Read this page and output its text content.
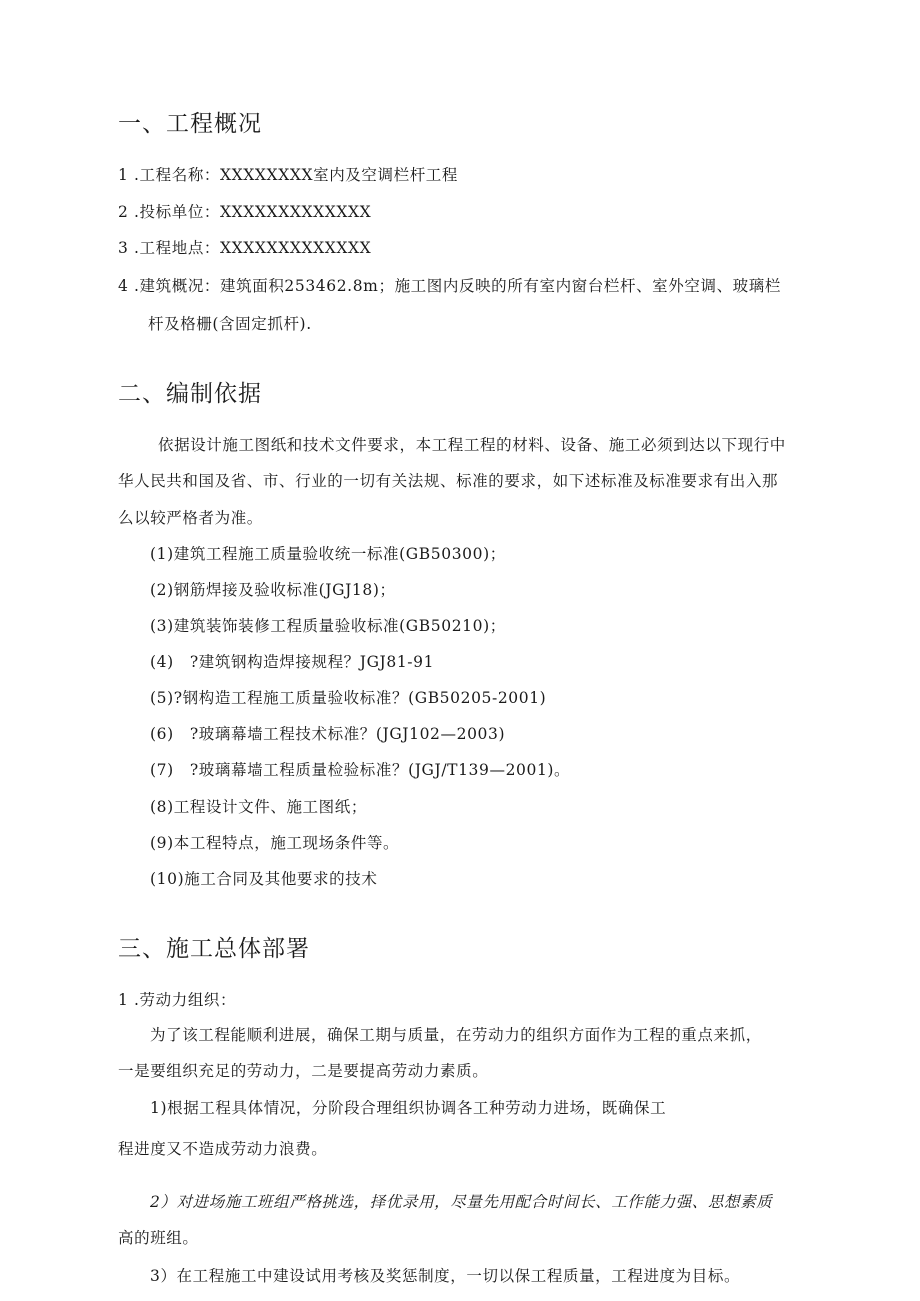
一、工程概况
1 .工程名称：XXXXXXXX室内及空调栏杆工程
2 .投标单位：XXXXXXXXXXXXX
3 .工程地点：XXXXXXXXXXXXX
4 .建筑概况：建筑面积253462.8m；施工图内反映的所有室内窗台栏杆、室外空调、玻璃栏
杆及格栅(含固定抓杆).
二、编制依据
依据设计施工图纸和技术文件要求，本工程工程的材料、设备、施工必须到达以下现行中
华人民共和国及省、市、行业的一切有关法规、标准的要求，如下述标准及标准要求有出入那
么以较严格者为准。
(1)建筑工程施工质量验收统一标准(GB50300)；
(2)钢筋焊接及验收标准(JGJ18)；
(3)建筑装饰装修工程质量验收标准(GB50210)；
(4)　?建筑钢构造焊接规程？JGJ81-91
(5)?钢构造工程施工质量验收标准？(GB50205-2001)
(6)　?玻璃幕墙工程技术标准？(JGJ102—2003)
(7)　?玻璃幕墙工程质量检验标准？(JGJ/T139—2001)。
(8)工程设计文件、施工图纸；
(9)本工程特点，施工现场条件等。
(10)施工合同及其他要求的技术
三、施工总体部署
1 .劳动力组织：
为了该工程能顺利进展，确保工期与质量，在劳动力的组织方面作为工程的重点来抓，
一是要组织充足的劳动力，二是要提高劳动力素质。
1)根据工程具体情况，分阶段合理组织协调各工种劳动力进场，既确保工
程进度又不造成劳动力浪费。
2）对进场施工班组严格挑选，择优录用，尽量先用配合时间长、工作能力强、思想素质
高的班组。
3）在工程施工中建设试用考核及奖惩制度，一切以保工程质量，工程进度为目标。
